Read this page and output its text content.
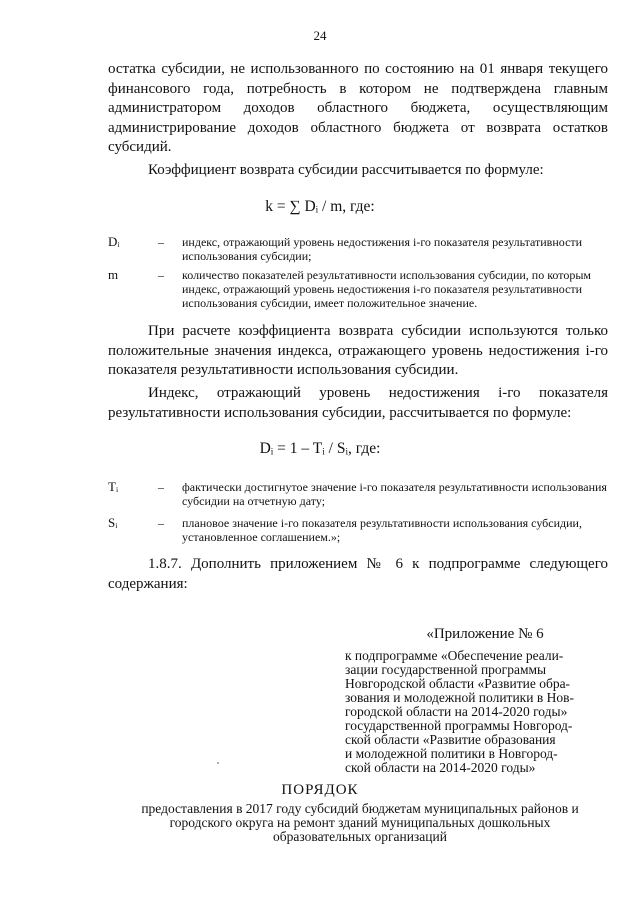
24

остатка субсидии, не использованного по состоянию на 01 января текущего финансового года, потребность в котором не подтверждена главным администратором доходов областного бюджета, осуществляющим администрирование доходов областного бюджета от возврата остатков субсидий.

Коэффициент возврата субсидии рассчитывается по формуле:

k = ∑ Dᵢ / m, где:
Dᵢ	–	индекс, отражающий уровень недостижения i-го показателя результативности использования субсидии;
m	–	количество показателей результативности использования субсидии, по которым индекс, отражающий уровень недостижения i-го показателя результативности использования субсидии, имеет положительное значение.

При расчете коэффициента возврата субсидии используются только положительные значения индекса, отражающего уровень недостижения i-го показателя результативности использования субсидии.

Индекс, отражающий уровень недостижения i-го показателя результативности использования субсидии, рассчитывается по формуле:

Dᵢ = 1 – Tᵢ / Sᵢ, где:
Tᵢ	–	фактически достигнутое значение i-го показателя результативности использования субсидии на отчетную дату;
Sᵢ	–	плановое значение i-го показателя результативности использования субсидии, установленное соглашением.»;

1.8.7. Дополнить приложением № 6 к подпрограмме следующего содержания:

«Приложение № 6
к подпрограмме «Обеспечение реали-
зации государственной программы
Новгородской области «Развитие обра-
зования и молодежной политики в Нов-
городской области на 2014-2020 годы»
государственной программы Новгород-
ской области «Развитие образования
и молодежной политики в Новгород-
ской области на 2014-2020 годы»
ПОРЯДОК
предоставления в 2017 году субсидий бюджетам муниципальных районов и
городского округа на ремонт зданий муниципальных дошкольных
образовательных организаций
